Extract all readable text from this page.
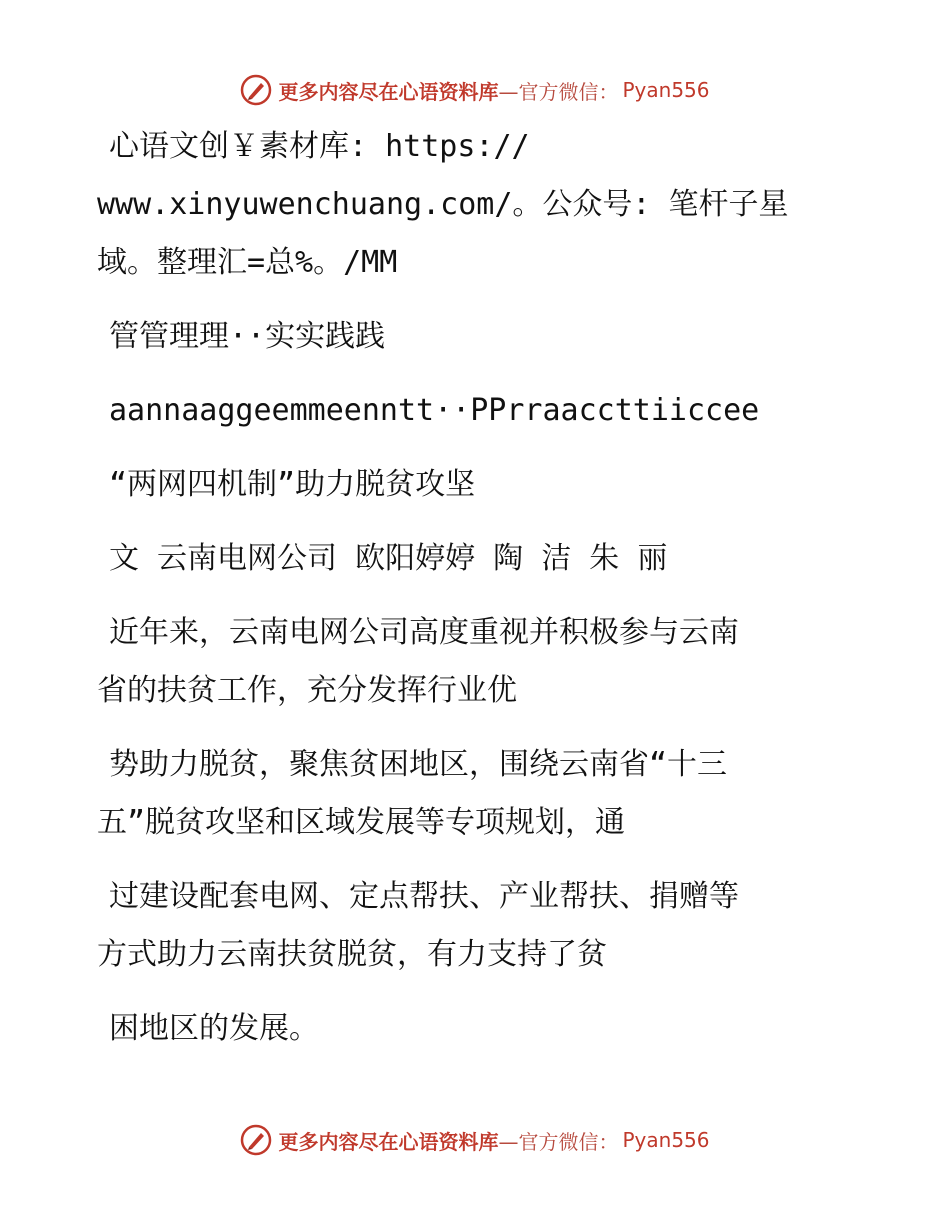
更多内容尽在心语资料库 —官方微信： Pyan556
心语文创￥素材库: https://
www.xinyuwenchuang.com/。公众号: 笔杆子星
域。整理汇=总%。/MM
管管理理··实实践践
aannaaggeemmeenntt··PPrraaccttiiccee
“两网四机制”助力脱贫攻坚
文 云南电网公司 欧阳婷婷 陶 洁 朱 丽
近年来，云南电网公司高度重视并积极参与云南
省的扶贫工作，充分发挥行业优
势助力脱贫，聚焦贫困地区，围绕云南省“十三
五”脱贫攻坚和区域发展等专项规划，通
过建设配套电网、定点帮扶、产业帮扶、捐赠等
方式助力云南扶贫脱贫，有力支持了贫
困地区的发展。
更多内容尽在心语资料库 —官方微信： Pyan556
